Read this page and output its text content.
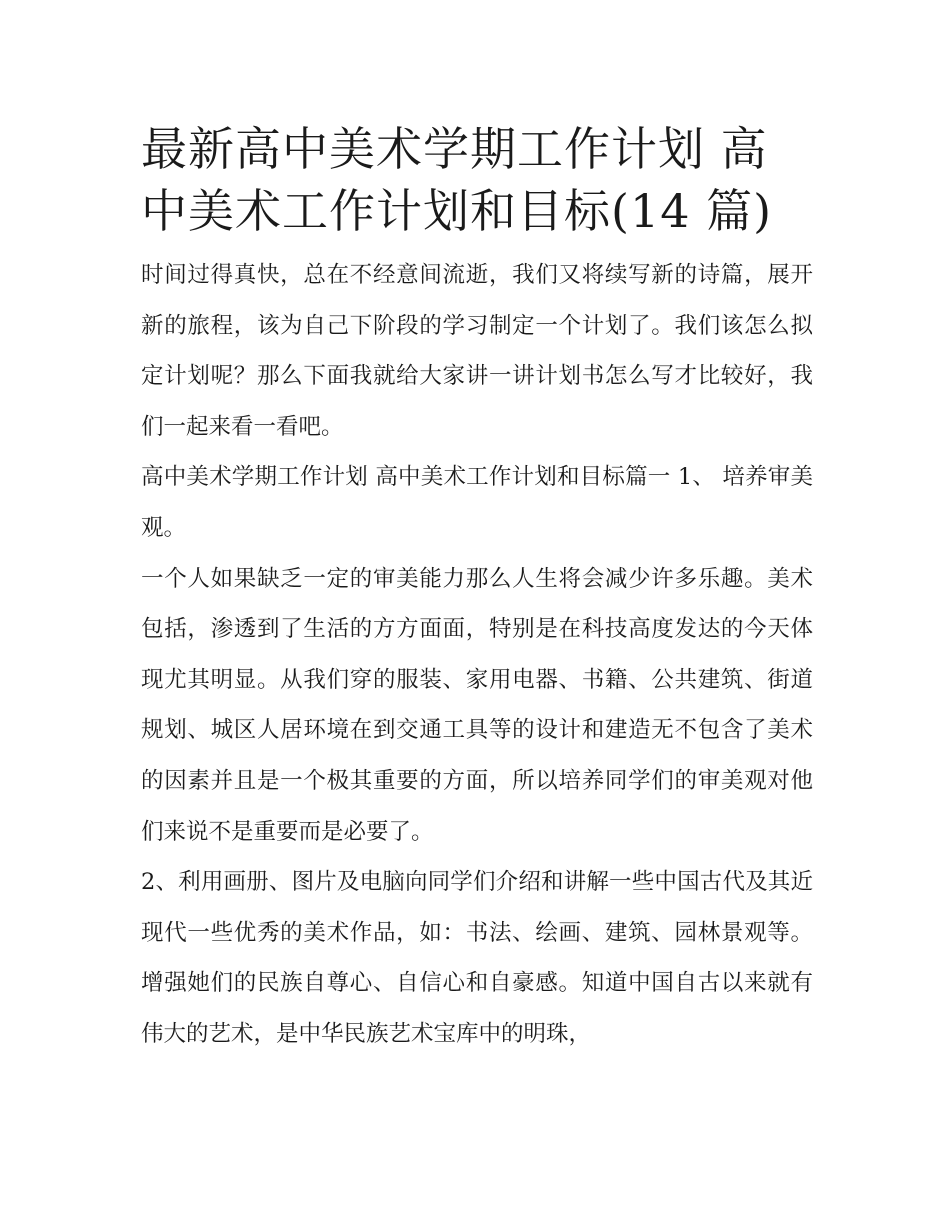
最新高中美术学期工作计划 高中美术工作计划和目标(14 篇)

时间过得真快，总在不经意间流逝，我们又将续写新的诗篇，展开新的旅程，该为自己下阶段的学习制定一个计划了。我们该怎么拟定计划呢？那么下面我就给大家讲一讲计划书怎么写才比较好，我们一起来看一看吧。

高中美术学期工作计划 高中美术工作计划和目标篇一 1、 培养审美观。

一个人如果缺乏一定的审美能力那么人生将会减少许多乐趣。美术包括，渗透到了生活的方方面面，特别是在科技高度发达的今天体现尤其明显。从我们穿的服装、家用电器、书籍、公共建筑、街道规划、城区人居环境在到交通工具等的设计和建造无不包含了美术的因素并且是一个极其重要的方面，所以培养同学们的审美观对他们来说不是重要而是必要了。

2、利用画册、图片及电脑向同学们介绍和讲解一些中国古代及其近现代一些优秀的美术作品，如：书法、绘画、建筑、园林景观等。增强她们的民族自尊心、自信心和自豪感。知道中国自古以来就有伟大的艺术，是中华民族艺术宝库中的明珠，
